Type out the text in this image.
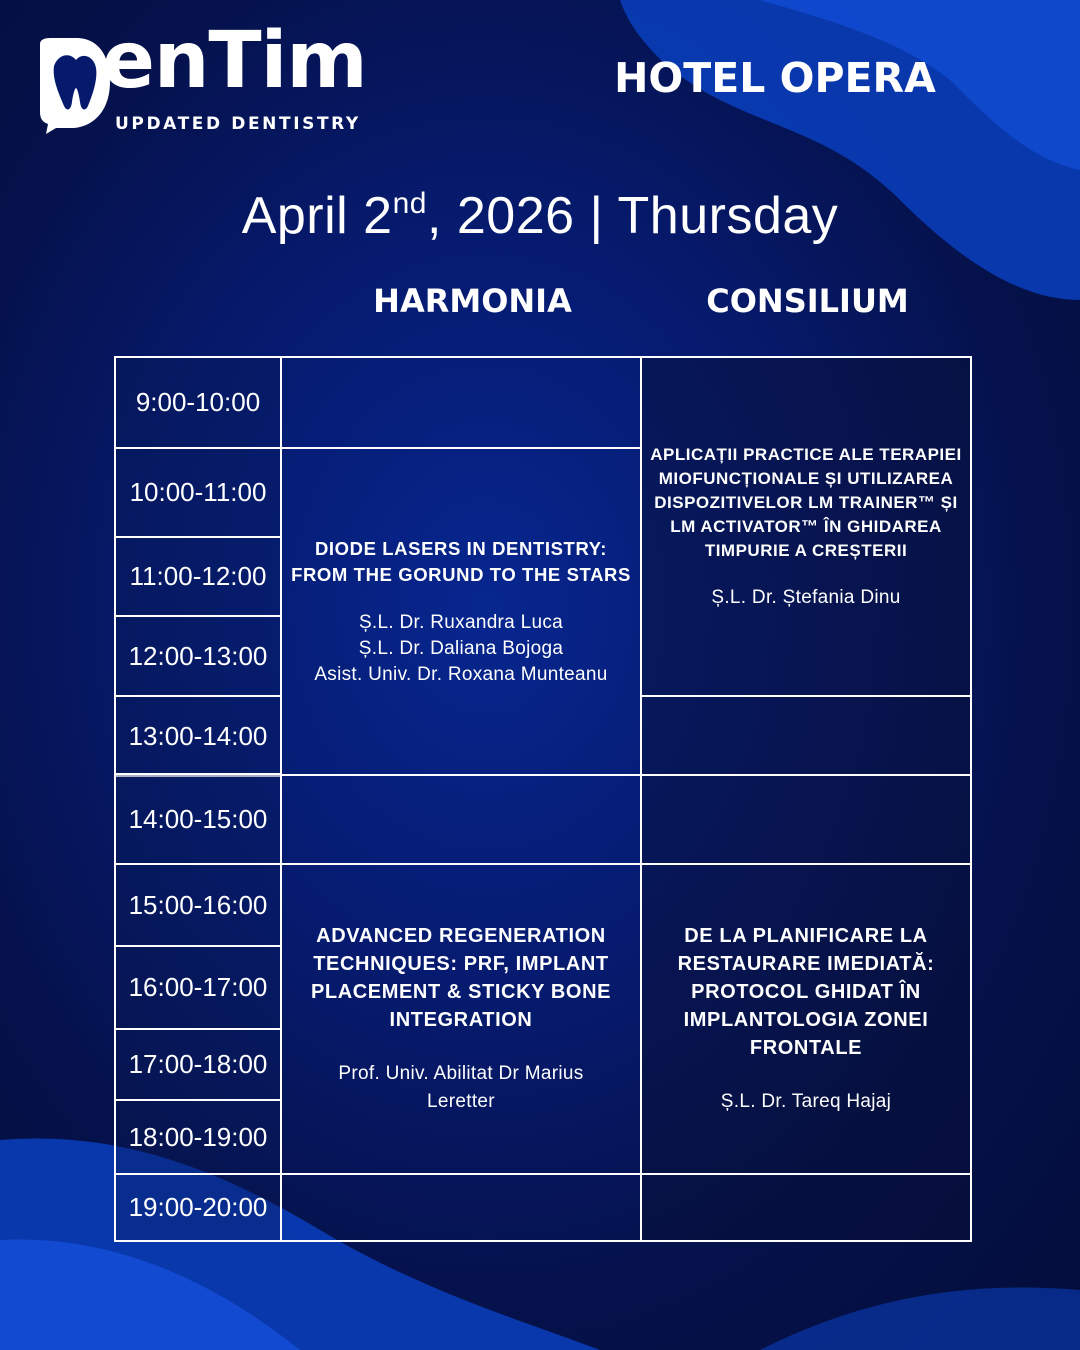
enTim
UPDATED DENTISTRY
HOTEL OPERA
April 2nd, 2026 | Thursday
HARMONIA	CONSILIUM
9:00-10:00
10:00-11:00
11:00-12:00
12:00-13:00
13:00-14:00
14:00-15:00
15:00-16:00
16:00-17:00
17:00-18:00
18:00-19:00
19:00-20:00
DIODE LASERS IN DENTISTRY: FROM THE GORUND TO THE STARS
Ș.L. Dr. Ruxandra Luca
Ș.L. Dr. Daliana Bojoga
Asist. Univ. Dr. Roxana Munteanu
ADVANCED REGENERATION TECHNIQUES: PRF, IMPLANT PLACEMENT & STICKY BONE INTEGRATION
Prof. Univ. Abilitat Dr Marius Leretter
APLICAȚII PRACTICE ALE TERAPIEI MIOFUNCȚIONALE ȘI UTILIZAREA DISPOZITIVELOR LM TRAINER™ ȘI LM ACTIVATOR™ ÎN GHIDAREA TIMPURIE A CREȘTERII
Ș.L. Dr. Ștefania Dinu
DE LA PLANIFICARE LA RESTAURARE IMEDIATĂ: PROTOCOL GHIDAT ÎN IMPLANTOLOGIA ZONEI FRONTALE
Ș.L. Dr. Tareq Hajaj
